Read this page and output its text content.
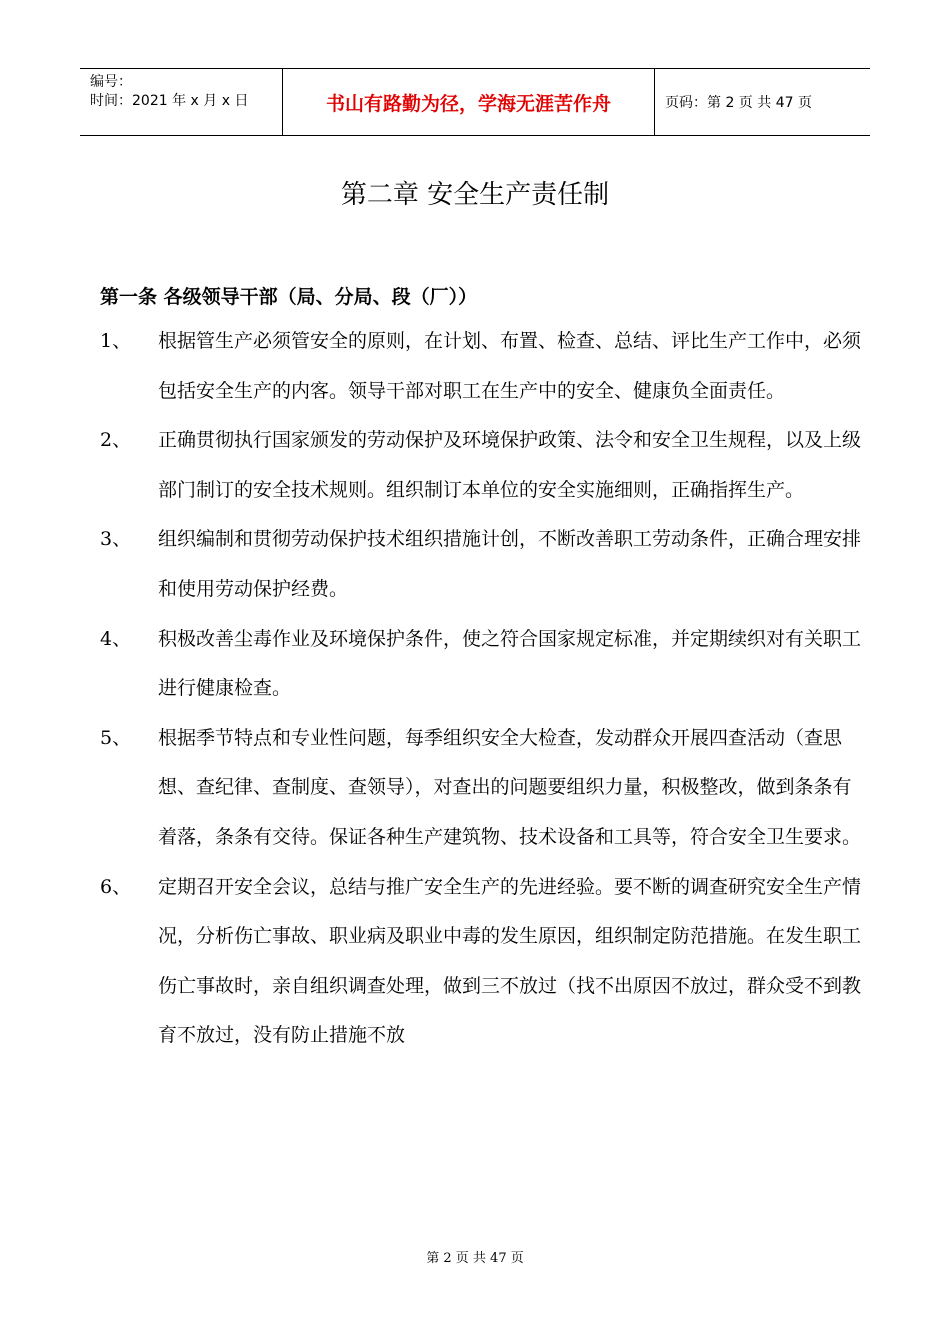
编号：
时间：2021 年 x 月 x 日	书山有路勤为径，学海无涯苦作舟	页码：第 2 页 共 47 页
第二章 安全生产责任制
第一条 各级领导干部（局、分局、段（厂））
1、 根据管生产必须管安全的原则，在计划、布置、检查、总结、评比生产工作中，必须包括安全生产的内客。领导干部对职工在生产中的安全、健康负全面责任。
2、 正确贯彻执行国家颁发的劳动保护及环境保护政策、法令和安全卫生规程，以及上级部门制订的安全技术规则。组织制订本单位的安全实施细则，正确指挥生产。
3、 组织编制和贯彻劳动保护技术组织措施计创，不断改善职工劳动条件，正确合理安排和使用劳动保护经费。
4、 积极改善尘毒作业及环境保护条件，使之符合国家规定标准，并定期续织对有关职工进行健康检查。
5、 根据季节特点和专业性问题，每季组织安全大检查，发动群众开展四查活动（查思想、查纪律、查制度、查领导），对查出的问题要组织力量，积极整改，做到条条有着落，条条有交待。保证各种生产建筑物、技术设备和工具等，符合安全卫生要求。
6、 定期召开安全会议，总结与推广安全生产的先进经验。要不断的调查研究安全生产情况，分析伤亡事故、职业病及职业中毒的发生原因，组织制定防范措施。在发生职工伤亡事故时，亲自组织调查处理，做到三不放过（找不出原因不放过，群众受不到教育不放过，没有防止措施不放
第 2 页 共 47 页
